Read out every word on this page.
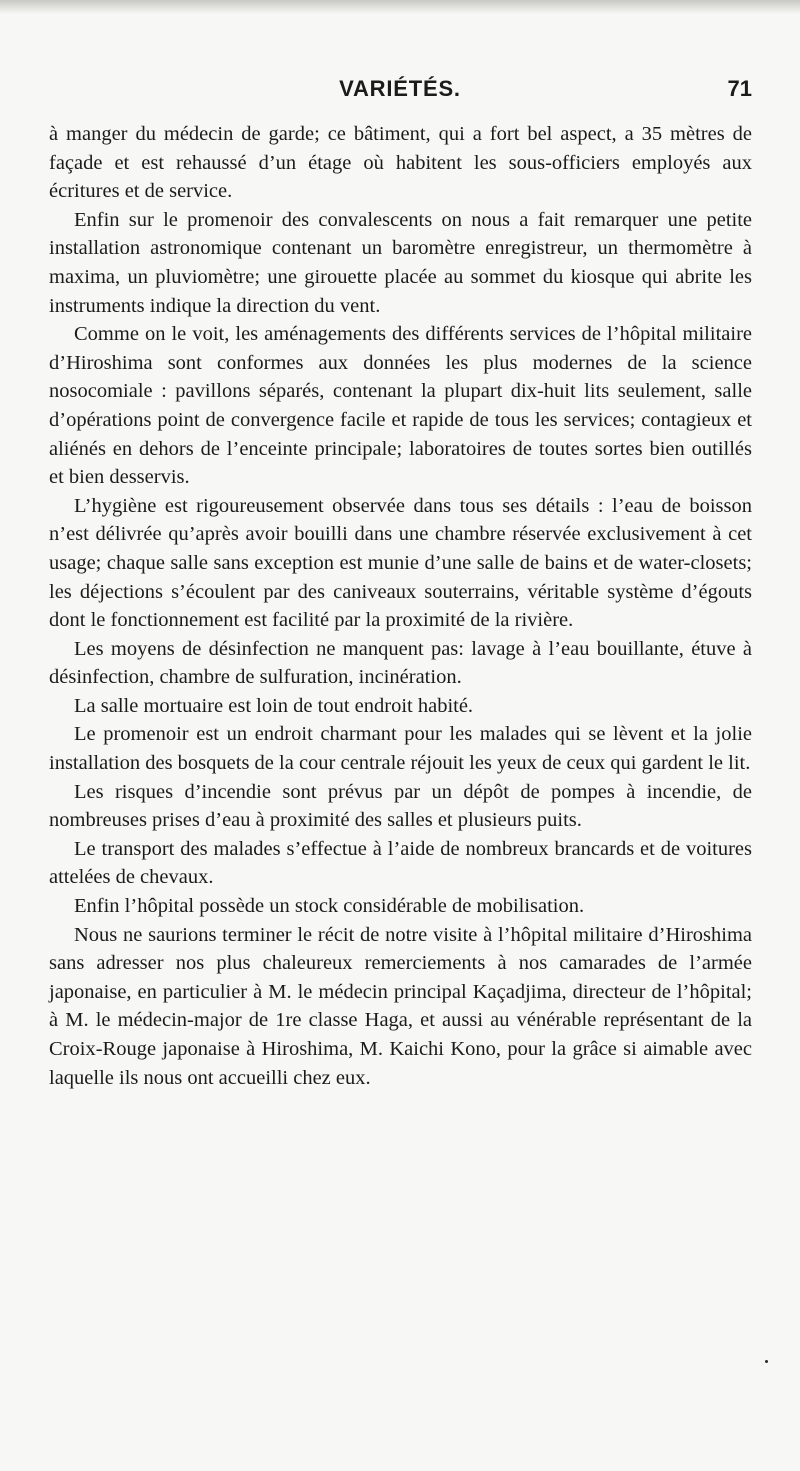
VARIÉTÉS.	71

à manger du médecin de garde; ce bâtiment, qui a fort bel aspect, a 35 mètres de façade et est rehaussé d’un étage où habitent les sous-officiers employés aux écritures et de service.

Enfin sur le promenoir des convalescents on nous a fait remarquer une petite installation astronomique contenant un baromètre enregistreur, un thermomètre à maxima, un pluviomètre; une girouette placée au sommet du kiosque qui abrite les instruments indique la direction du vent.

Comme on le voit, les aménagements des différents services de l’hôpital militaire d’Hiroshima sont conformes aux données les plus modernes de la science nosocomiale : pavillons séparés, contenant la plupart dix-huit lits seulement, salle d’opérations point de convergence facile et rapide de tous les services; contagieux et aliénés en dehors de l’enceinte principale; laboratoires de toutes sortes bien outillés et bien desservis.

L’hygiène est rigoureusement observée dans tous ses détails : l’eau de boisson n’est délivrée qu’après avoir bouilli dans une chambre réservée exclusivement à cet usage; chaque salle sans exception est munie d’une salle de bains et de water-closets; les déjections s’écoulent par des caniveaux souterrains, véritable système d’égouts dont le fonctionnement est facilité par la proximité de la rivière.

Les moyens de désinfection ne manquent pas: lavage à l’eau bouillante, étuve à désinfection, chambre de sulfuration, incinération.

La salle mortuaire est loin de tout endroit habité.

Le promenoir est un endroit charmant pour les malades qui se lèvent et la jolie installation des bosquets de la cour centrale réjouit les yeux de ceux qui gardent le lit.

Les risques d’incendie sont prévus par un dépôt de pompes à incendie, de nombreuses prises d’eau à proximité des salles et plusieurs puits.

Le transport des malades s’effectue à l’aide de nombreux brancards et de voitures attelées de chevaux.

Enfin l’hôpital possède un stock considérable de mobilisation.

Nous ne saurions terminer le récit de notre visite à l’hôpital militaire d’Hiroshima sans adresser nos plus chaleureux remerciements à nos camarades de l’armée japonaise, en particulier à M. le médecin principal Kaçadjima, directeur de l’hôpital; à M. le médecin-major de 1re classe Haga, et aussi au vénérable représentant de la Croix-Rouge japonaise à Hiroshima, M. Kaichi Kono, pour la grâce si aimable avec laquelle ils nous ont accueilli chez eux.
